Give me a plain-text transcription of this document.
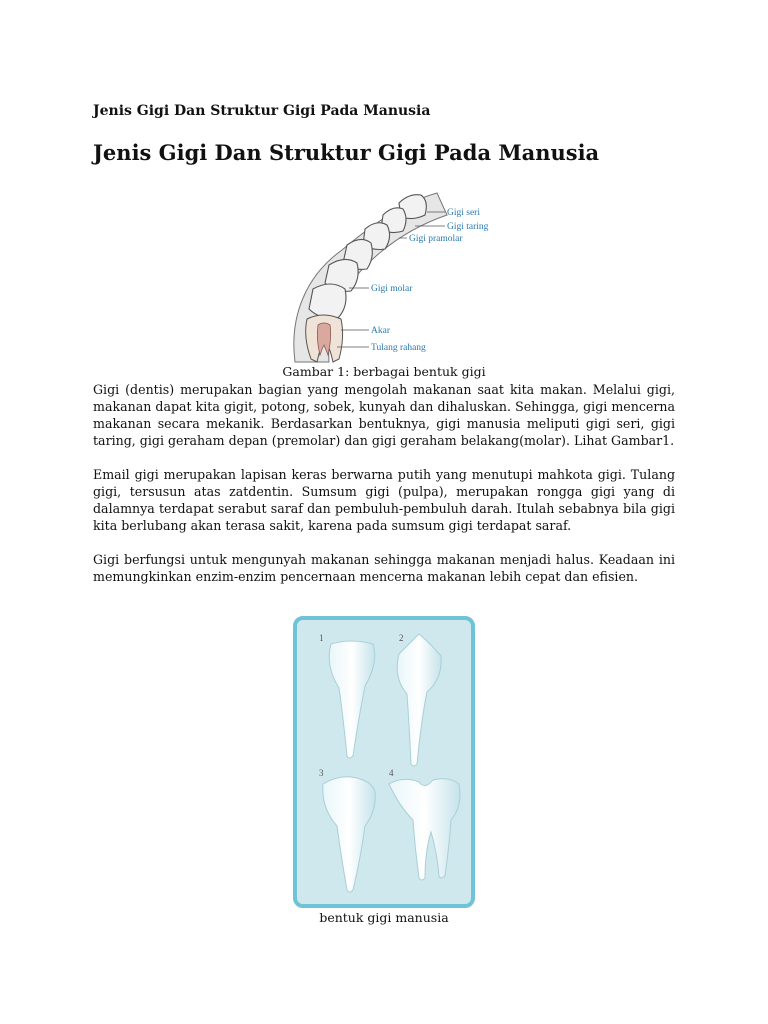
Jenis Gigi Dan Struktur Gigi Pada Manusia
Jenis Gigi Dan Struktur Gigi Pada Manusia
Gigi seri
Gigi taring
Gigi pramolar
Gigi molar
Akar
Tulang rahang
Gambar 1: berbagai bentuk gigi

Gigi (dentis) merupakan bagian yang mengolah makanan saat kita makan. Melalui gigi, makanan dapat kita gigit, potong, sobek, kunyah dan dihaluskan. Sehingga, gigi mencerna makanan secara mekanik. Berdasarkan bentuknya, gigi manusia meliputi gigi seri, gigi taring, gigi geraham depan (premolar) dan gigi geraham belakang(molar). Lihat Gambar1.

Email gigi merupakan lapisan keras berwarna putih yang menutupi mahkota gigi. Tulang gigi, tersusun atas zatdentin. Sumsum gigi (pulpa), merupakan rongga gigi yang di dalamnya terdapat serabut saraf dan pembuluh-pembuluh darah. Itulah sebabnya bila gigi kita berlubang akan terasa sakit, karena pada sumsum gigi terdapat saraf.

Gigi berfungsi untuk mengunyah makanan sehingga makanan menjadi halus. Keadaan ini memungkinkan enzim-enzim pencernaan mencerna makanan lebih cepat dan efisien.

1	2
3	4
bentuk gigi manusia
